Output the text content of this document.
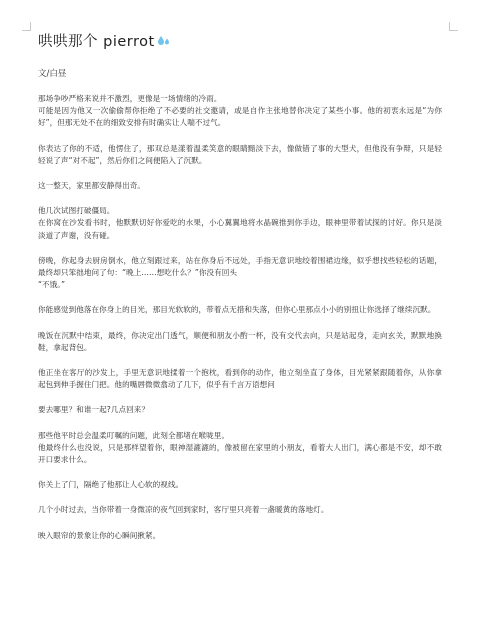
哄哄那个 pierrot
文/白昼

那场争吵严格来说并不激烈，更像是一场情绪的冷雨。
可能是因为他又一次偷偷帮你拒绝了不必要的社交邀请，或是自作主张地替你决定了某些小事。他的初衷永远是“为你好”，但那无处不在的细致安排有时确实让人喘不过气。

你表达了你的不适，他愣住了，那双总是漾着温柔笑意的眼睛黯淡下去，像做错了事的大型犬，但他没有争辩，只是轻轻说了声“对不起”，然后你们之间便陷入了沉默。

这一整天，家里都安静得出奇。

他几次试图打破僵局。
在你窝在沙发看书时，他默默切好你爱吃的水果，小心翼翼地将水晶碗推到你手边，眼神里带着试探的讨好。你只是淡淡道了声谢，没有碰。

傍晚，你起身去厨房倒水，他立刻跟过来，站在你身后不远处，手指无意识地绞着围裙边缘，似乎想找些轻松的话题，最终却只笨拙地问了句：“晚上……想吃什么？”你没有回头
“不饿。”

你能感觉到他落在你身上的目光，那目光软软的，带着点无措和失落，但你心里那点小小的别扭让你选择了继续沉默。

晚饭在沉默中结束，最终，你决定出门透气，顺便和朋友小酌一杯，没有交代去向，只是站起身，走向玄关，默默地换鞋，拿起背包。

他正坐在客厅的沙发上，手里无意识地揉着一个抱枕，看到你的动作，他立刻坐直了身体，目光紧紧跟随着你，从你拿起包到伸手握住门把。他的嘴唇微微翕动了几下，似乎有千言万语想问

要去哪里？和谁一起?几点回来？

那些他平时总会温柔叮嘱的问题，此刻全都堵在喉咙里。
他最终什么也没说，只是那样望着你，眼神湿漉漉的，像被留在家里的小朋友，看着大人出门，满心都是不安，却不敢开口要求什么。

你关上了门，隔绝了他那让人心软的视线。

几个小时过去，当你带着一身微凉的夜气回到家时，客厅里只亮着一盏暖黄的落地灯。

映入眼帘的景象让你的心瞬间揪紧。
